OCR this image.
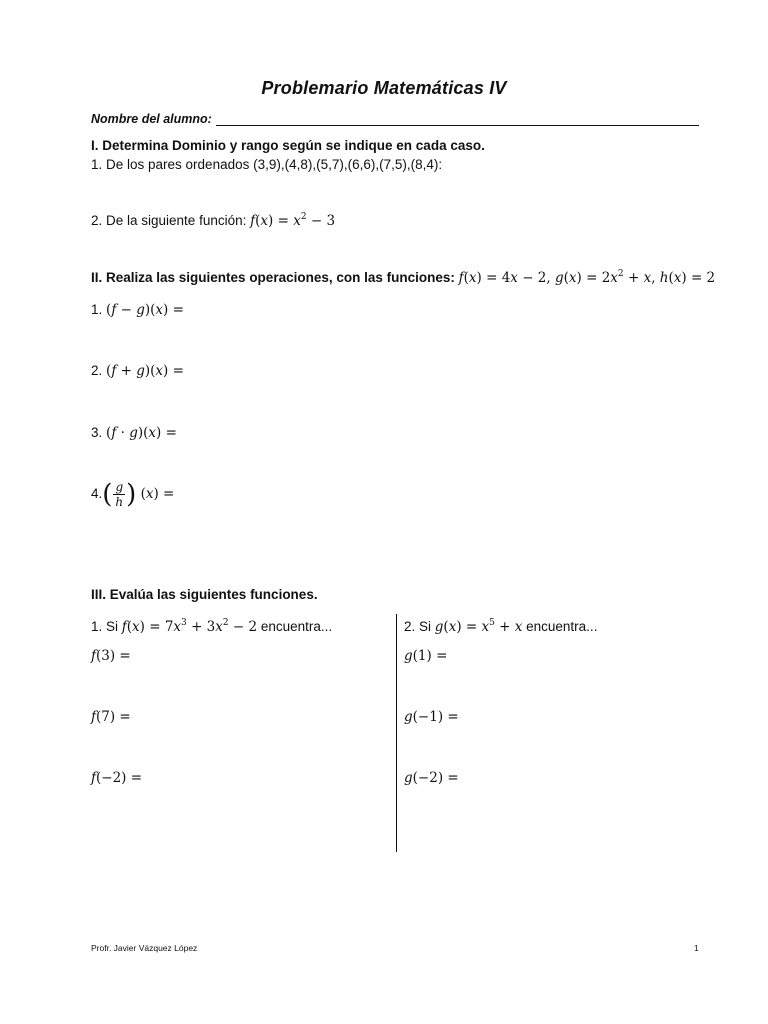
Problemario Matemáticas IV
Nombre del alumno:
I. Determina Dominio y rango según se indique en cada caso.
1. De los pares ordenados (3,9),(4,8),(5,7),(6,6),(7,5),(8,4):
2. De la siguiente función: $f(x) = x^2 - 3$
II. Realiza las siguientes operaciones, con las funciones: f(x) = 4x − 2, $g(x) = 2x^2 + x$, h(x) = 2
1. (f − g)(x) =
2. (f + g)(x) =
3. (f · g)(x) =
$4.( \frac{g}{h}$ ) (x) =
III. Evalúa las siguientes funciones.
1. Si $f(x) = 7x^3 + 3x^2 - 2$ encuentra...
f(3) =
f(7) =
f(−2) =
2. Si $g(x) = x^5 + x$ encuentra...
g(1) =
g(−1) =
g(−2) =
Profr. Javier Vázquez López	1
